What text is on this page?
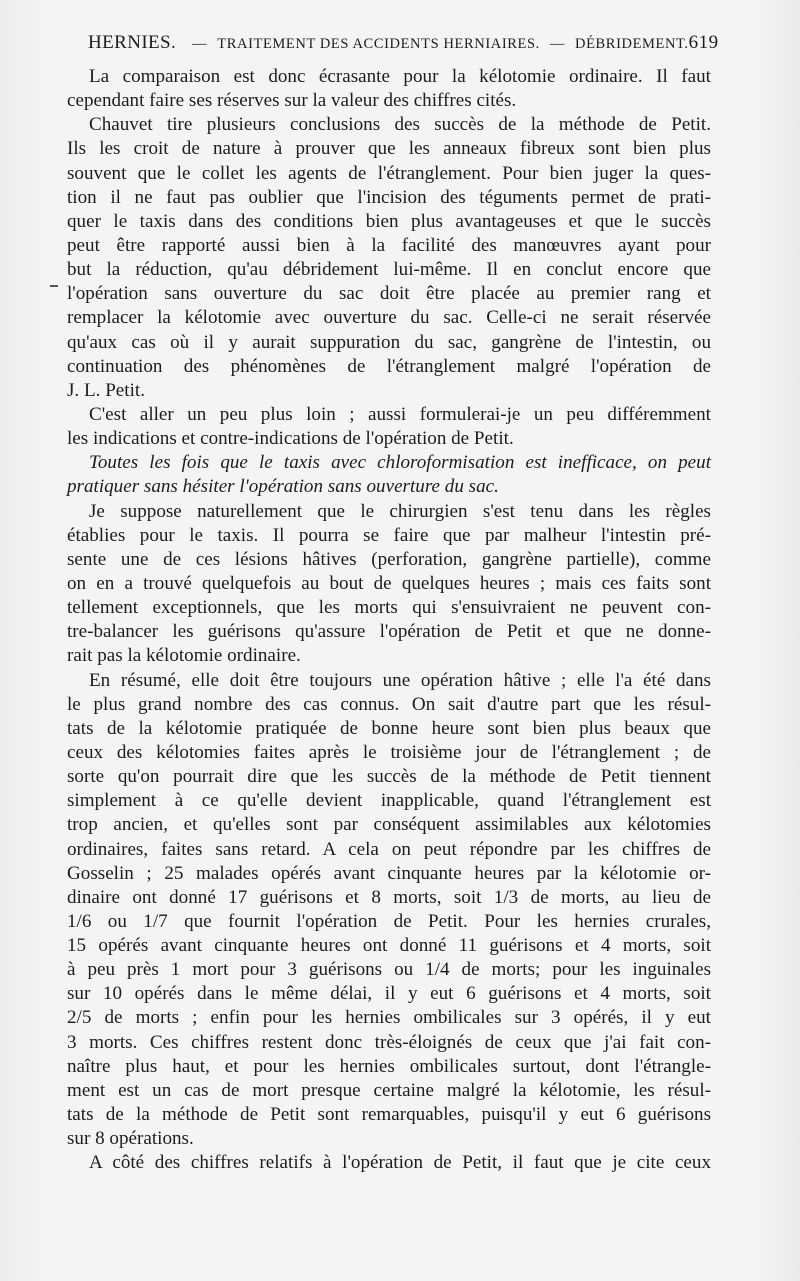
HERNIES. — TRAITEMENT DES ACCIDENTS HERNIAIRES. — DÉBRIDEMENT. 619
La comparaison est donc écrasante pour la kélotomie ordinaire. Il faut
cependant faire ses réserves sur la valeur des chiffres cités.
Chauvet tire plusieurs conclusions des succès de la méthode de Petit.
Ils les croit de nature à prouver que les anneaux fibreux sont bien plus
souvent que le collet les agents de l'étranglement. Pour bien juger la ques-
tion il ne faut pas oublier que l'incision des téguments permet de prati-
quer le taxis dans des conditions bien plus avantageuses et que le succès
peut être rapporté aussi bien à la facilité des manœuvres ayant pour
but la réduction, qu'au débridement lui-même. Il en conclut encore que
l'opération sans ouverture du sac doit être placée au premier rang et
remplacer la kélotomie avec ouverture du sac. Celle-ci ne serait réservée
qu'aux cas où il y aurait suppuration du sac, gangrène de l'intestin, ou
continuation des phénomènes de l'étranglement malgré l'opération de
J. L. Petit.
C'est aller un peu plus loin ; aussi formulerai-je un peu différemment
les indications et contre-indications de l'opération de Petit.
Toutes les fois que le taxis avec chloroformisation est inefficace, on peut
pratiquer sans hésiter l'opération sans ouverture du sac.
Je suppose naturellement que le chirurgien s'est tenu dans les règles
établies pour le taxis. Il pourra se faire que par malheur l'intestin pré-
sente une de ces lésions hâtives (perforation, gangrène partielle), comme
on en a trouvé quelquefois au bout de quelques heures ; mais ces faits sont
tellement exceptionnels, que les morts qui s'ensuivraient ne peuvent con-
tre-balancer les guérisons qu'assure l'opération de Petit et que ne donne-
rait pas la kélotomie ordinaire.
En résumé, elle doit être toujours une opération hâtive ; elle l'a été dans
le plus grand nombre des cas connus. On sait d'autre part que les résul-
tats de la kélotomie pratiquée de bonne heure sont bien plus beaux que
ceux des kélotomies faites après le troisième jour de l'étranglement ; de
sorte qu'on pourrait dire que les succès de la méthode de Petit tiennent
simplement à ce qu'elle devient inapplicable, quand l'étranglement est
trop ancien, et qu'elles sont par conséquent assimilables aux kélotomies
ordinaires, faites sans retard. A cela on peut répondre par les chiffres de
Gosselin ; 25 malades opérés avant cinquante heures par la kélotomie or-
dinaire ont donné 17 guérisons et 8 morts, soit 1/3 de morts, au lieu de
1/6 ou 1/7 que fournit l'opération de Petit. Pour les hernies crurales,
15 opérés avant cinquante heures ont donné 11 guérisons et 4 morts, soit
à peu près 1 mort pour 3 guérisons ou 1/4 de morts; pour les inguinales
sur 10 opérés dans le même délai, il y eut 6 guérisons et 4 morts, soit
2/5 de morts ; enfin pour les hernies ombilicales sur 3 opérés, il y eut
3 morts. Ces chiffres restent donc très-éloignés de ceux que j'ai fait con-
naître plus haut, et pour les hernies ombilicales surtout, dont l'étrangle-
ment est un cas de mort presque certaine malgré la kélotomie, les résul-
tats de la méthode de Petit sont remarquables, puisqu'il y eut 6 guérisons
sur 8 opérations.
A côté des chiffres relatifs à l'opération de Petit, il faut que je cite ceux
